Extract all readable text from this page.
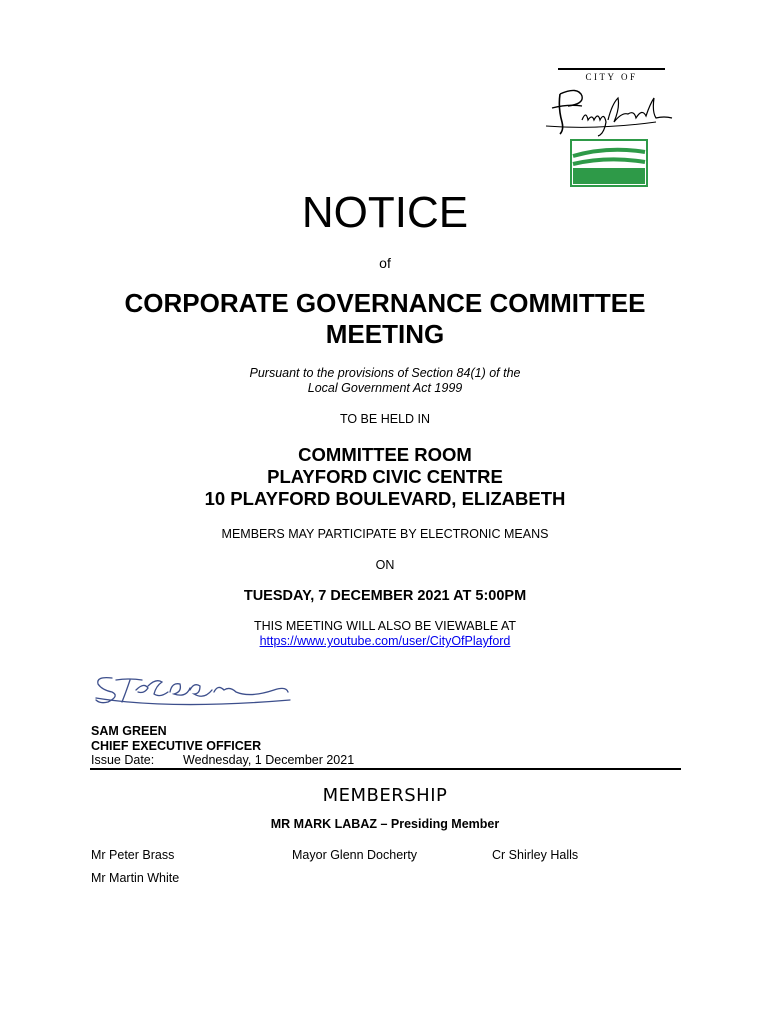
CITY OF
NOTICE
of
CORPORATE GOVERNANCE COMMITTEE
MEETING
Pursuant to the provisions of Section 84(1) of the
Local Government Act 1999
TO BE HELD IN
COMMITTEE ROOM
PLAYFORD CIVIC CENTRE
10 PLAYFORD BOULEVARD, ELIZABETH
MEMBERS MAY PARTICIPATE BY ELECTRONIC MEANS
ON
TUESDAY, 7 DECEMBER 2021 AT 5:00PM
THIS MEETING WILL ALSO BE VIEWABLE AT
https://www.youtube.com/user/CityOfPlayford
SAM GREEN
CHIEF EXECUTIVE OFFICER
Issue Date: Wednesday, 1 December 2021
MEMBERSHIP
MR MARK LABAZ – Presiding Member
Mr Peter Brass	Mayor Glenn Docherty	Cr Shirley Halls
Mr Martin White
